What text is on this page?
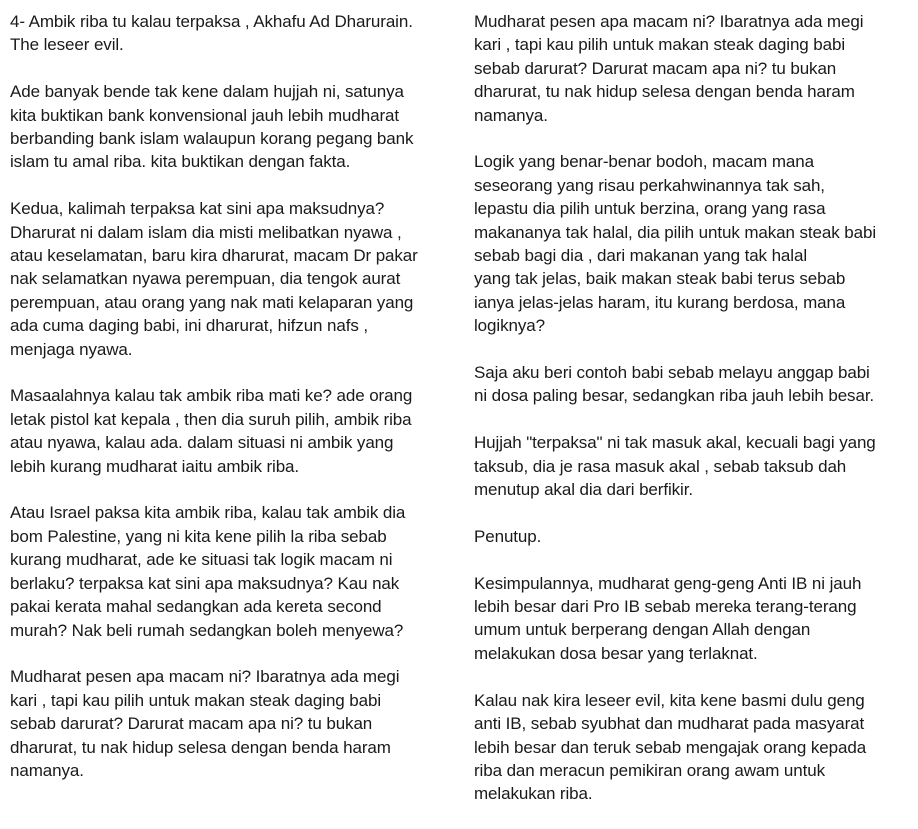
4- Ambik riba tu kalau terpaksa , Akhafu Ad Dharurain.
The leseer evil.

Ade banyak bende tak kene dalam hujjah ni, satunya
kita buktikan bank konvensional jauh lebih mudharat
berbanding bank islam walaupun korang pegang bank
islam tu amal riba. kita buktikan dengan fakta.

Kedua, kalimah terpaksa kat sini apa maksudnya?
Dharurat ni dalam islam dia misti melibatkan nyawa ,
atau keselamatan, baru kira dharurat, macam Dr pakar
nak selamatkan nyawa perempuan, dia tengok aurat
perempuan, atau orang yang nak mati kelaparan yang
ada cuma daging babi, ini dharurat, hifzun nafs ,
menjaga nyawa.

Masaalahnya kalau tak ambik riba mati ke? ade orang
letak pistol kat kepala , then dia suruh pilih, ambik riba
atau nyawa, kalau ada. dalam situasi ni ambik yang
lebih kurang mudharat iaitu ambik riba.

Atau Israel paksa kita ambik riba, kalau tak ambik dia
bom Palestine, yang ni kita kene pilih la riba sebab
kurang mudharat, ade ke situasi tak logik macam ni
berlaku? terpaksa kat sini apa maksudnya? Kau nak
pakai kerata mahal sedangkan ada kereta second
murah? Nak beli rumah sedangkan boleh menyewa?

Mudharat pesen apa macam ni? Ibaratnya ada megi
kari , tapi kau pilih untuk makan steak daging babi
sebab darurat? Darurat macam apa ni? tu bukan
dharurat, tu nak hidup selesa dengan benda haram
namanya.

Mudharat pesen apa macam ni? Ibaratnya ada megi
kari , tapi kau pilih untuk makan steak daging babi
sebab darurat? Darurat macam apa ni? tu bukan
dharurat, tu nak hidup selesa dengan benda haram
namanya.

Logik yang benar-benar bodoh, macam mana
seseorang yang risau perkahwinannya tak sah,
lepastu dia pilih untuk berzina, orang yang rasa
makananya tak halal, dia pilih untuk makan steak babi
sebab bagi dia , dari makanan yang tak halal
yang tak jelas, baik makan steak babi terus sebab
ianya jelas-jelas haram, itu kurang berdosa, mana
logiknya?

Saja aku beri contoh babi sebab melayu anggap babi
ni dosa paling besar, sedangkan riba jauh lebih besar.

Hujjah "terpaksa" ni tak masuk akal, kecuali bagi yang
taksub, dia je rasa masuk akal , sebab taksub dah
menutup akal dia dari berfikir.

Penutup.

Kesimpulannya, mudharat geng-geng Anti IB ni jauh
lebih besar dari Pro IB sebab mereka terang-terang
umum untuk berperang dengan Allah dengan
melakukan dosa besar yang terlaknat.

Kalau nak kira leseer evil, kita kene basmi dulu geng
anti IB, sebab syubhat dan mudharat pada masyarat
lebih besar dan teruk sebab mengajak orang kepada
riba dan meracun pemikiran orang awam untuk
melakukan riba.
